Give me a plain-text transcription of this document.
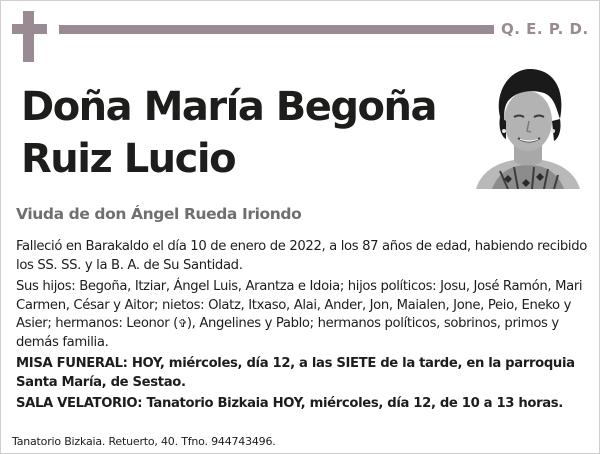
Q. E. P. D.
Doña María Begoña
Ruiz Lucio
Viuda de don Ángel Rueda Iriondo

Falleció en Barakaldo el día 10 de enero de 2022, a los 87 años de edad, habiendo recibido los SS. SS. y la B. A. de Su Santidad.

Sus hijos: Begoña, Itziar, Ángel Luis, Arantza e Idoia; hijos políticos: Josu, José Ramón, Mari Carmen, César y Aitor; nietos: Olatz, Itxaso, Alai, Ander, Jon, Maialen, Jone, Peio, Eneko y Asier; hermanos: Leonor (✞), Angelines y Pablo; hermanos políticos, sobrinos, primos y demás familia.

MISA FUNERAL: HOY, miércoles, día 12, a las SIETE de la tarde, en la parroquia Santa María, de Sestao.

SALA VELATORIO: Tanatorio Bizkaia HOY, miércoles, día 12, de 10 a 13 horas.

Tanatorio Bizkaia. Retuerto, 40. Tfno. 944743496.
